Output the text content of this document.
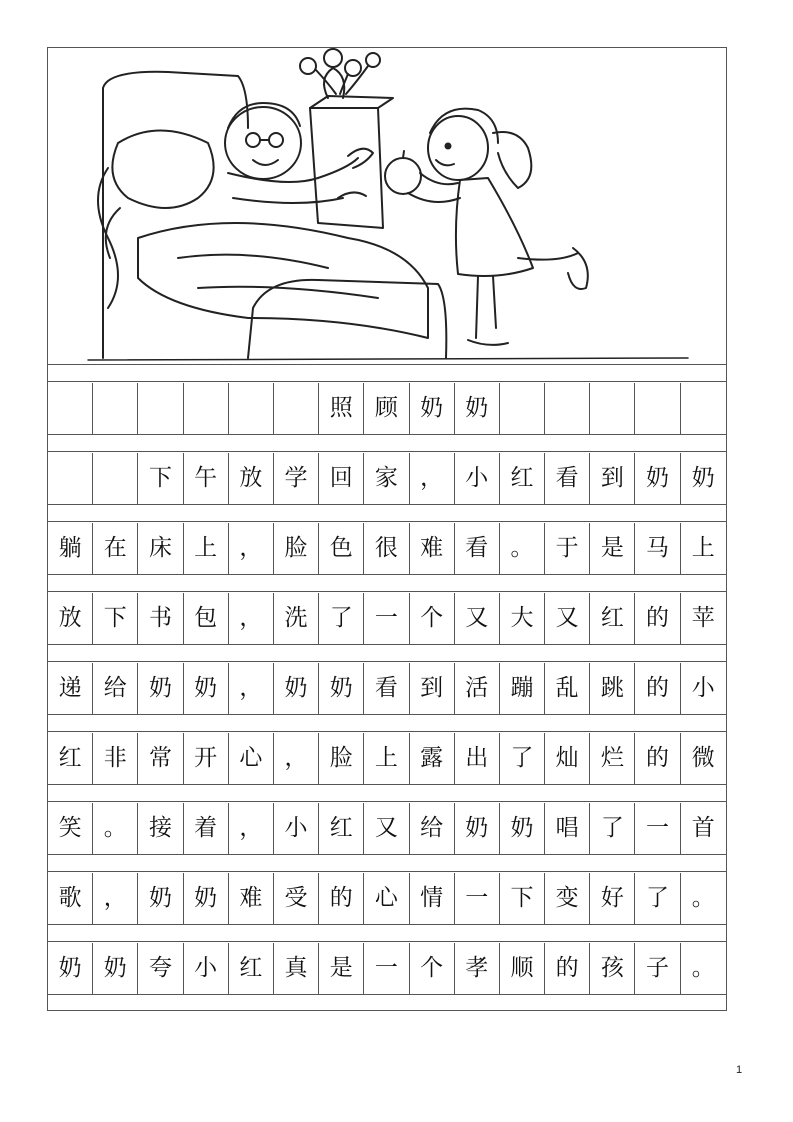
照 顾 奶 奶
下 午 放 学 回 家 ， 小 红 看 到 奶 奶
躺 在 床 上 ， 脸 色 很 难 看 。 于 是 马 上
放 下 书 包 ， 洗 了 一 个 又 大 又 红 的 苹
递 给 奶 奶 ， 奶 奶 看 到 活 蹦 乱 跳 的 小
红 非 常 开 心 ， 脸 上 露 出 了 灿 烂 的 微
笑 。 接 着 ， 小 红 又 给 奶 奶 唱 了 一 首
歌 ， 奶 奶 难 受 的 心 情 一 下 变 好 了 。
奶 奶 夸 小 红 真 是 一 个 孝 顺 的 孩 子 。
1
